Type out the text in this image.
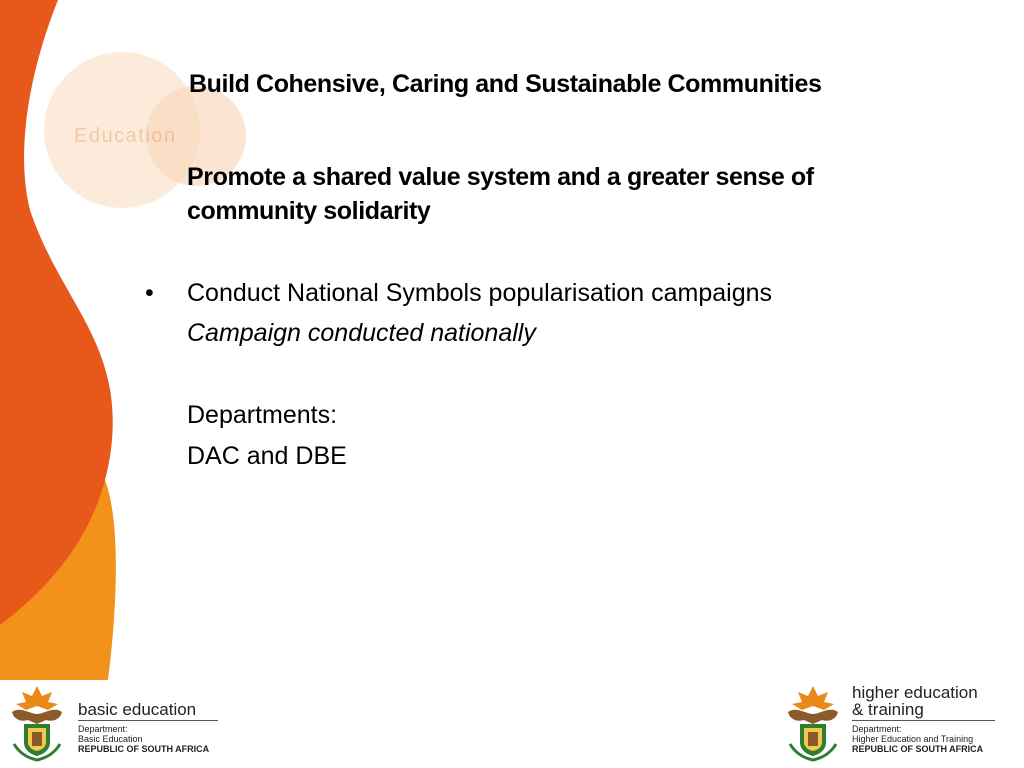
Education
Build Cohensive, Caring and Sustainable Communities
Promote a shared value system and a greater sense of community solidarity
• Conduct National Symbols popularisation campaigns

Campaign conducted nationally

Departments:

DAC and DBE

basic education
Department:
Basic Education
REPUBLIC OF SOUTH AFRICA
higher education
& training
Department:
Higher Education and Training
REPUBLIC OF SOUTH AFRICA
